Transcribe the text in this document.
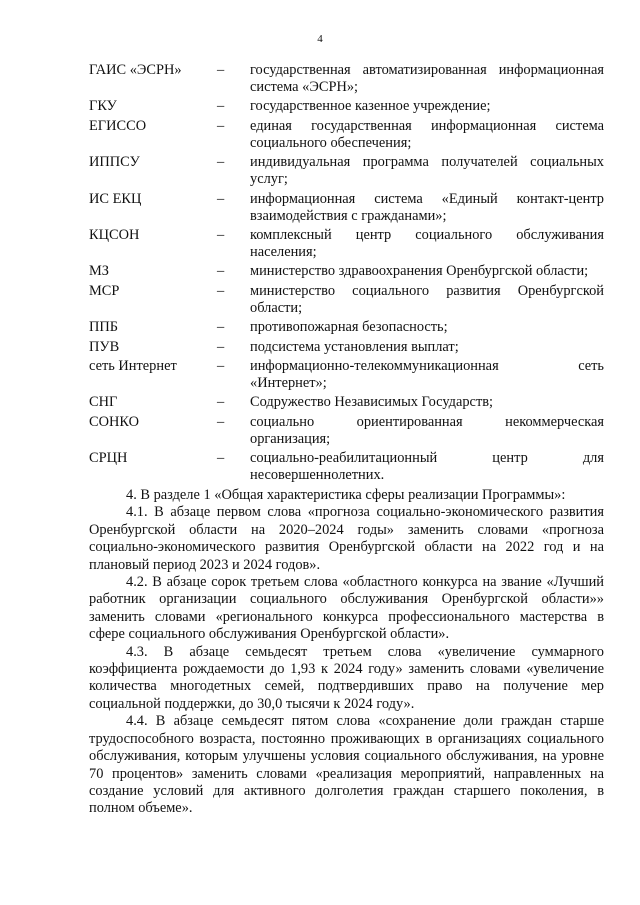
4
ГАИС «ЭСРН»	–	государственная автоматизированная информационная система «ЭСРН»;
ГКУ	–	государственное казенное учреждение;
ЕГИССО	–	единая государственная информационная система социального обеспечения;
ИППСУ	–	индивидуальная программа получателей социальных услуг;
ИС ЕКЦ	–	информационная система «Единый контакт-центр взаимодействия с гражданами»;
КЦСОН	–	комплексный центр социального обслуживания населения;
МЗ	–	министерство здравоохранения Оренбургской области;
МСР	–	министерство социального развития Оренбургской области;
ППБ	–	противопожарная безопасность;
ПУВ	–	подсистема установления выплат;
сеть Интернет	–	информационно-телекоммуникационная сеть «Интернет»;
СНГ	–	Содружество Независимых Государств;
СОНКО	–	социально ориентированная некоммерческая организация;
СРЦН	–	социально-реабилитационный центр для несовершеннолетних.

4. В разделе 1 «Общая характеристика сферы реализации Программы»:

4.1. В абзаце первом слова «прогноза социально-экономического развития Оренбургской области на 2020–2024 годы» заменить словами «прогноза социально-экономического развития Оренбургской области на 2022 год и на плановый период 2023 и 2024 годов».

4.2. В абзаце сорок третьем слова «областного конкурса на звание «Лучший работник организации социального обслуживания Оренбургской области»» заменить словами «регионального конкурса профессионального мастерства в сфере социального обслуживания Оренбургской области».

4.3. В абзаце семьдесят третьем слова «увеличение суммарного коэффициента рождаемости до 1,93 к 2024 году» заменить словами «увеличение количества многодетных семей, подтвердивших право на получение мер социальной поддержки, до 30,0 тысячи к 2024 году».

4.4. В абзаце семьдесят пятом слова «сохранение доли граждан старше трудоспособного возраста, постоянно проживающих в организациях социального обслуживания, которым улучшены условия социального обслуживания, на уровне 70 процентов» заменить словами «реализация мероприятий, направленных на создание условий для активного долголетия граждан старшего поколения, в полном объеме».
